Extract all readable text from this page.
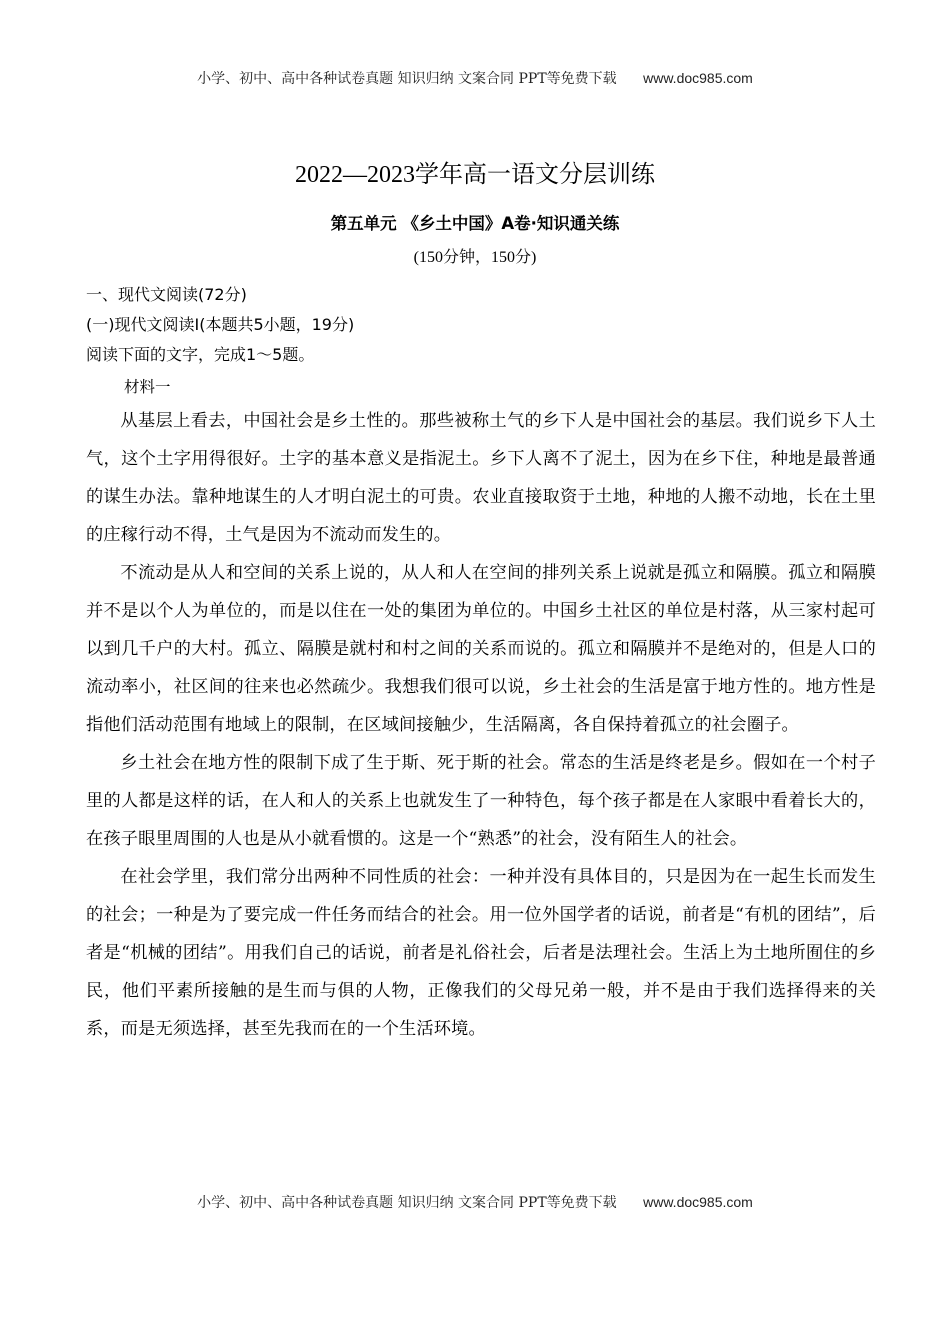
小学、初中、高中各种试卷真题 知识归纳 文案合同 PPT等免费下载 www.doc985.com
2022—2023学年高一语文分层训练
第五单元 《乡土中国》A卷·知识通关练
(150分钟，150分)
一、现代文阅读(72分)
(一)现代文阅读Ⅰ(本题共5小题，19分)
阅读下面的文字，完成1～5题。
材料一

从基层上看去，中国社会是乡土性的。那些被称土气的乡下人是中国社会的基层。我们说乡下人土气，这个土字用得很好。土字的基本意义是指泥土。乡下人离不了泥土，因为在乡下住，种地是最普通的谋生办法。靠种地谋生的人才明白泥土的可贵。农业直接取资于土地，种地的人搬不动地，长在土里的庄稼行动不得，土气是因为不流动而发生的。

不流动是从人和空间的关系上说的，从人和人在空间的排列关系上说就是孤立和隔膜。孤立和隔膜并不是以个人为单位的，而是以住在一处的集团为单位的。中国乡土社区的单位是村落，从三家村起可以到几千户的大村。孤立、隔膜是就村和村之间的关系而说的。孤立和隔膜并不是绝对的，但是人口的流动率小，社区间的往来也必然疏少。我想我们很可以说，乡土社会的生活是富于地方性的。地方性是指他们活动范围有地域上的限制，在区域间接触少，生活隔离，各自保持着孤立的社会圈子。

乡土社会在地方性的限制下成了生于斯、死于斯的社会。常态的生活是终老是乡。假如在一个村子里的人都是这样的话，在人和人的关系上也就发生了一种特色，每个孩子都是在人家眼中看着长大的，在孩子眼里周围的人也是从小就看惯的。这是一个“熟悉”的社会，没有陌生人的社会。

在社会学里，我们常分出两种不同性质的社会：一种并没有具体目的，只是因为在一起生长而发生的社会；一种是为了要完成一件任务而结合的社会。用一位外国学者的话说，前者是“有机的团结”，后者是“机械的团结”。用我们自己的话说，前者是礼俗社会，后者是法理社会。生活上为土地所囿住的乡民，他们平素所接触的是生而与俱的人物，正像我们的父母兄弟一般，并不是由于我们选择得来的关系，而是无须选择，甚至先我而在的一个生活环境。

小学、初中、高中各种试卷真题 知识归纳 文案合同 PPT等免费下载 www.doc985.com
